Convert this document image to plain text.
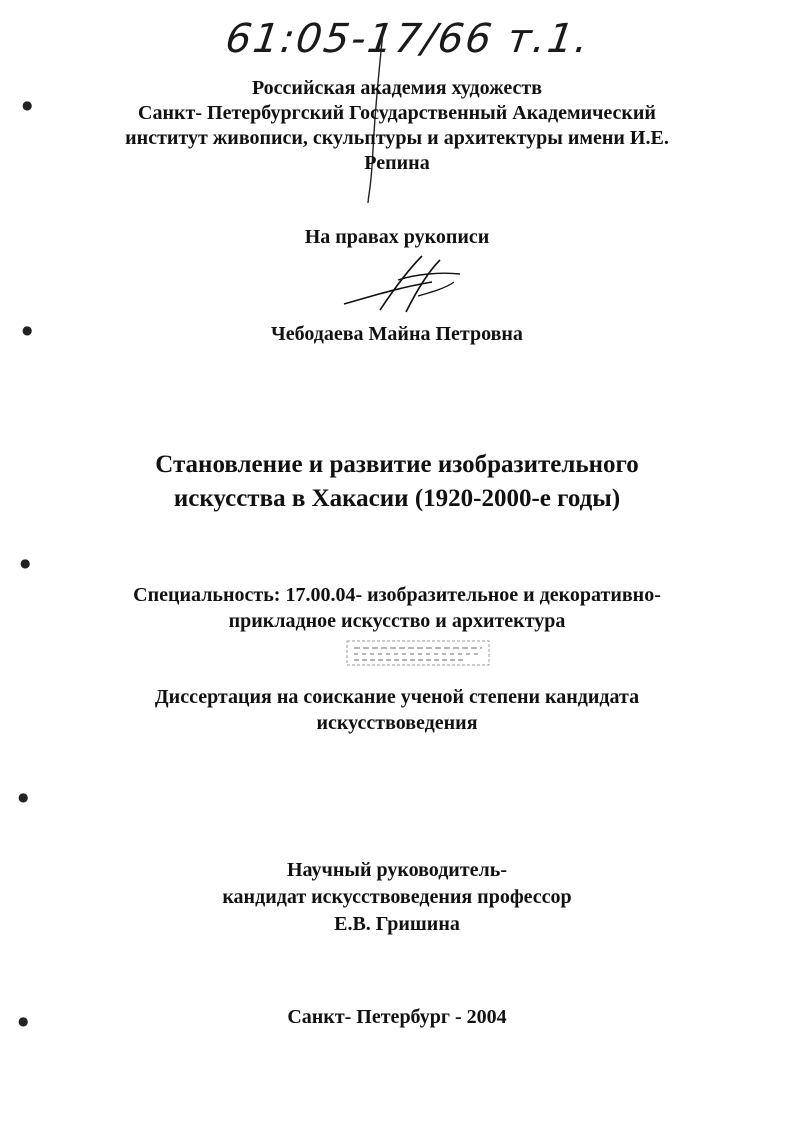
61:05-17/66 т.1.
Российская академия художеств
Санкт- Петербургский Государственный Академический
институт живописи, скульптуры и архитектуры имени И.Е.
Репина
На правах рукописи
Чебодаева Майна Петровна
Становление и развитие изобразительного
искусства в Хакасии (1920-2000-е годы)
Специальность: 17.00.04- изобразительное и декоративно-
прикладное искусство и архитектура
Диссертация на соискание ученой степени кандидата
искусствоведения
Научный руководитель-
кандидат искусствоведения профессор
Е.В. Гришина
Санкт- Петербург - 2004
●
●
●
●
●
